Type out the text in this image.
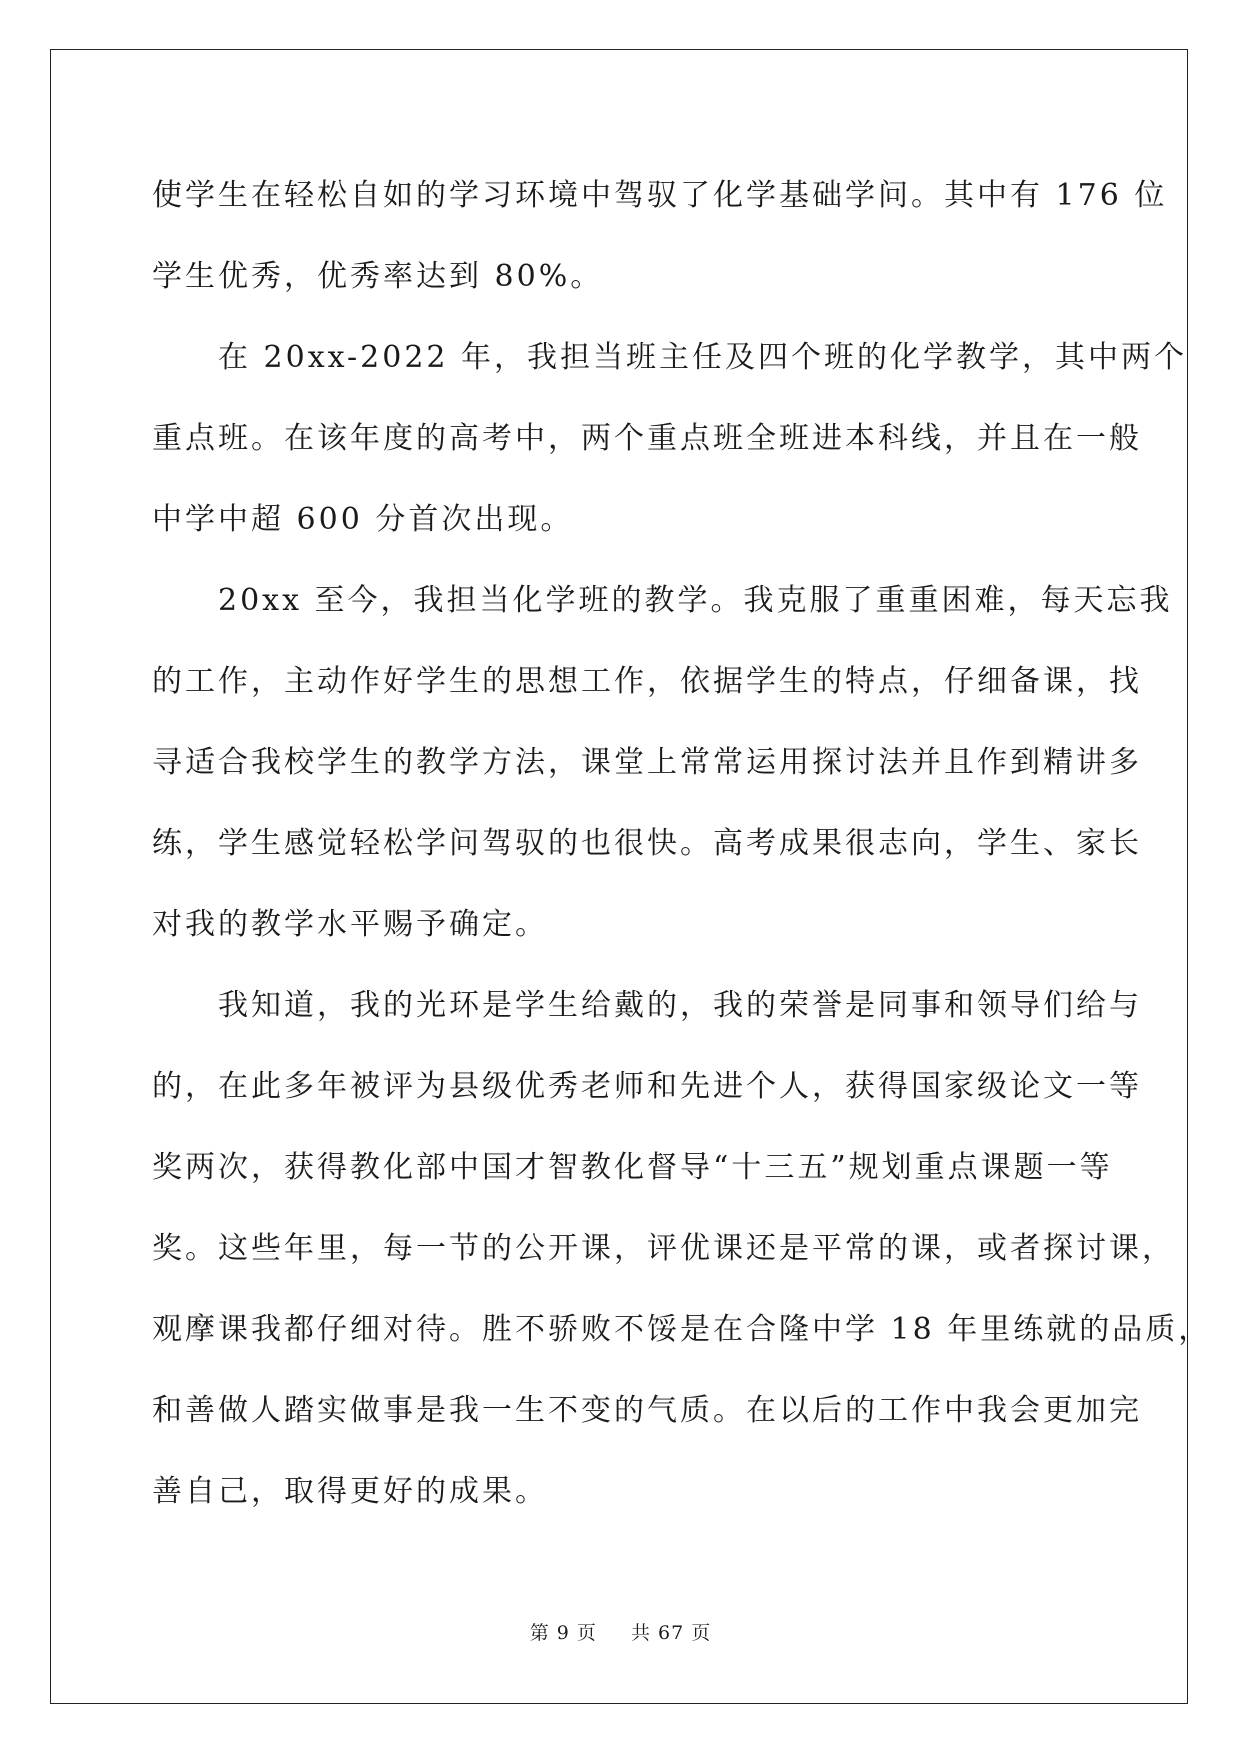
使学生在轻松自如的学习环境中驾驭了化学基础学问。其中有 176 位
学生优秀，优秀率达到 80%。
　　在 20xx-2022 年，我担当班主任及四个班的化学教学，其中两个
重点班。在该年度的高考中，两个重点班全班进本科线，并且在一般
中学中超 600 分首次出现。
　　20xx 至今，我担当化学班的教学。我克服了重重困难，每天忘我
的工作，主动作好学生的思想工作，依据学生的特点，仔细备课，找
寻适合我校学生的教学方法，课堂上常常运用探讨法并且作到精讲多
练，学生感觉轻松学问驾驭的也很快。高考成果很志向，学生、家长
对我的教学水平赐予确定。
　　我知道，我的光环是学生给戴的，我的荣誉是同事和领导们给与
的，在此多年被评为县级优秀老师和先进个人，获得国家级论文一等
奖两次，获得教化部中国才智教化督导“十三五”规划重点课题一等
奖。这些年里，每一节的公开课，评优课还是平常的课，或者探讨课，
观摩课我都仔细对待。胜不骄败不馁是在合隆中学 18 年里练就的品质，
和善做人踏实做事是我一生不变的气质。在以后的工作中我会更加完
善自己，取得更好的成果。
第 9 页 共 67 页
